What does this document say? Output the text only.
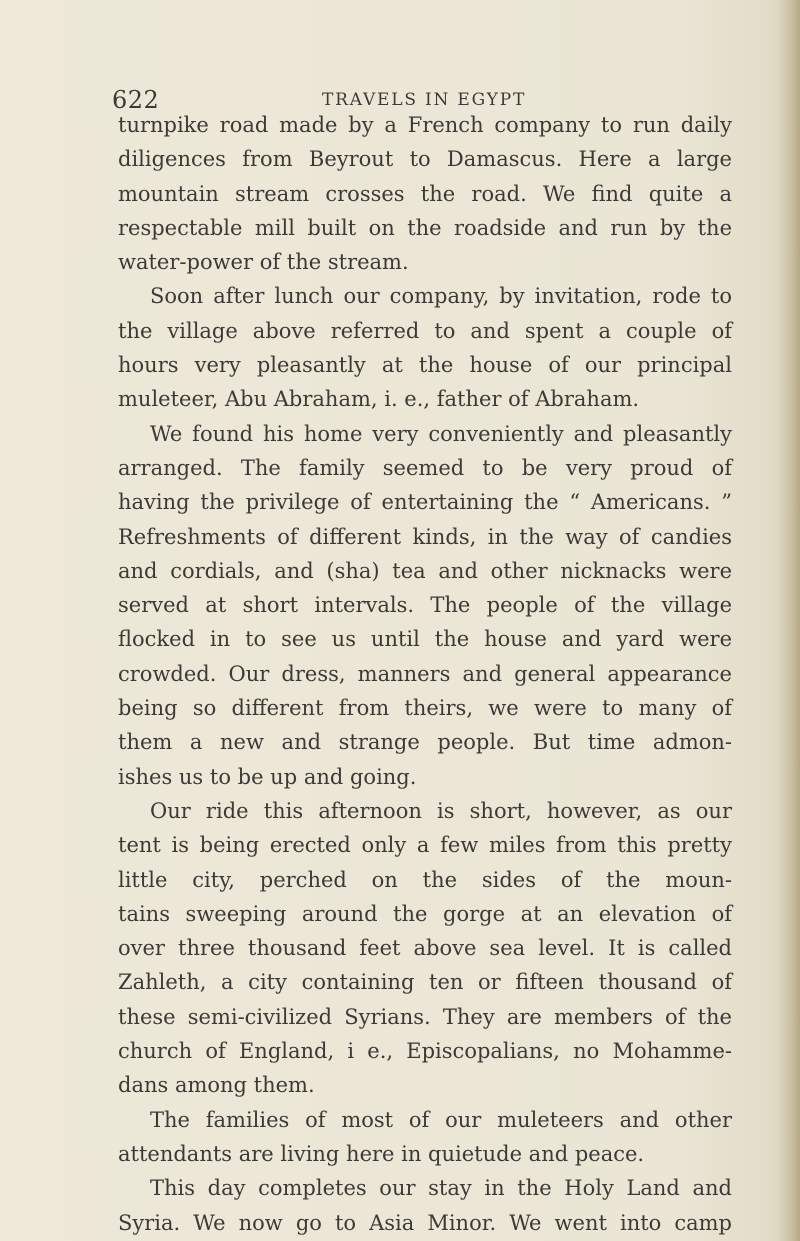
622	TRAVELS IN EGYPT
turnpike road made by a French company to run daily
diligences from Beyrout to Damascus. Here a large
mountain stream crosses the road. We find quite a
respectable mill built on the roadside and run by the
water-power of the stream.
Soon after lunch our company, by invitation, rode to
the village above referred to and spent a couple of
hours very pleasantly at the house of our principal
muleteer, Abu Abraham, i. e., father of Abraham.
We found his home very conveniently and pleasantly
arranged. The family seemed to be very proud of
having the privilege of entertaining the “ Americans. ”
Refreshments of different kinds, in the way of candies
and cordials, and (sha) tea and other nicknacks were
served at short intervals. The people of the village
flocked in to see us until the house and yard were
crowded. Our dress, manners and general appearance
being so different from theirs, we were to many of
them a new and strange people. But time admon-
ishes us to be up and going.
Our ride this afternoon is short, however, as our
tent is being erected only a few miles from this pretty
little city, perched on the sides of the moun-
tains sweeping around the gorge at an elevation of
over three thousand feet above sea level. It is called
Zahleth, a city containing ten or fifteen thousand of
these semi-civilized Syrians. They are members of the
church of England, i e., Episcopalians, no Mohamme-
dans among them.
The families of most of our muleteers and other
attendants are living here in quietude and peace.
This day completes our stay in the Holy Land and
Syria. We now go to Asia Minor. We went into camp
